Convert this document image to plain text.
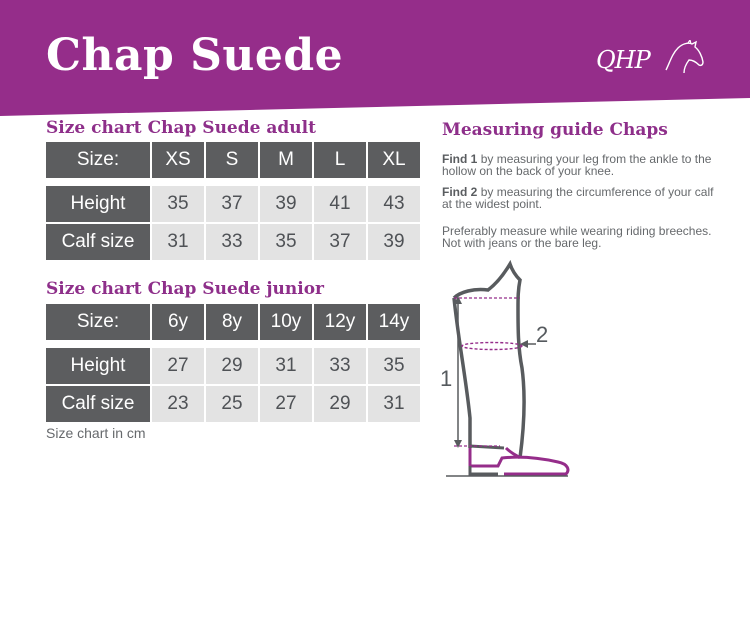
Chap Suede	QHP
Size chart Chap Suede adult
Size:	XS	S	M	L	XL
Height	35	37	39	41	43
Calf size	31	33	35	37	39
Size chart Chap Suede junior
Size:	6y	8y	10y	12y	14y
Height	27	29	31	33	35
Calf size	23	25	27	29	31
Size chart in cm
Measuring guide Chaps

Find 1 by measuring your leg from the ankle to the hollow on the back of your knee.

Find 2 by measuring the circumference of your calf at the widest point.

Preferably measure while wearing riding breeches. Not with jeans or the bare leg.

1
2
